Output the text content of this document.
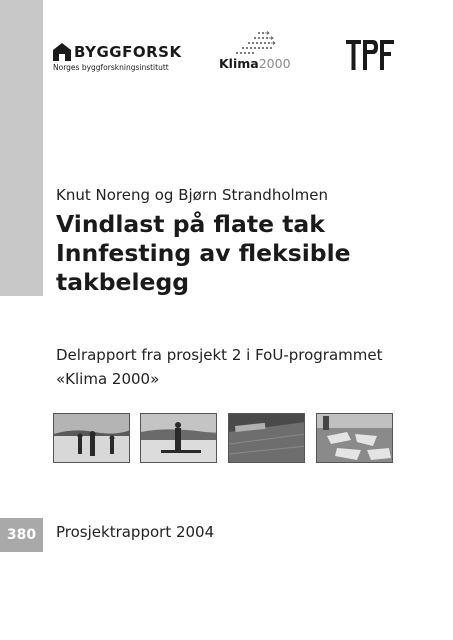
BYGGFORSK
Norges byggforskningsinstitutt	Klima2000
Knut Noreng og Bjørn Strandholmen
Vindlast på flate tak
Innfesting av fleksible
takbelegg
Delrapport fra prosjekt 2 i FoU-programmet
«Klima 2000»
380	Prosjektrapport 2004
